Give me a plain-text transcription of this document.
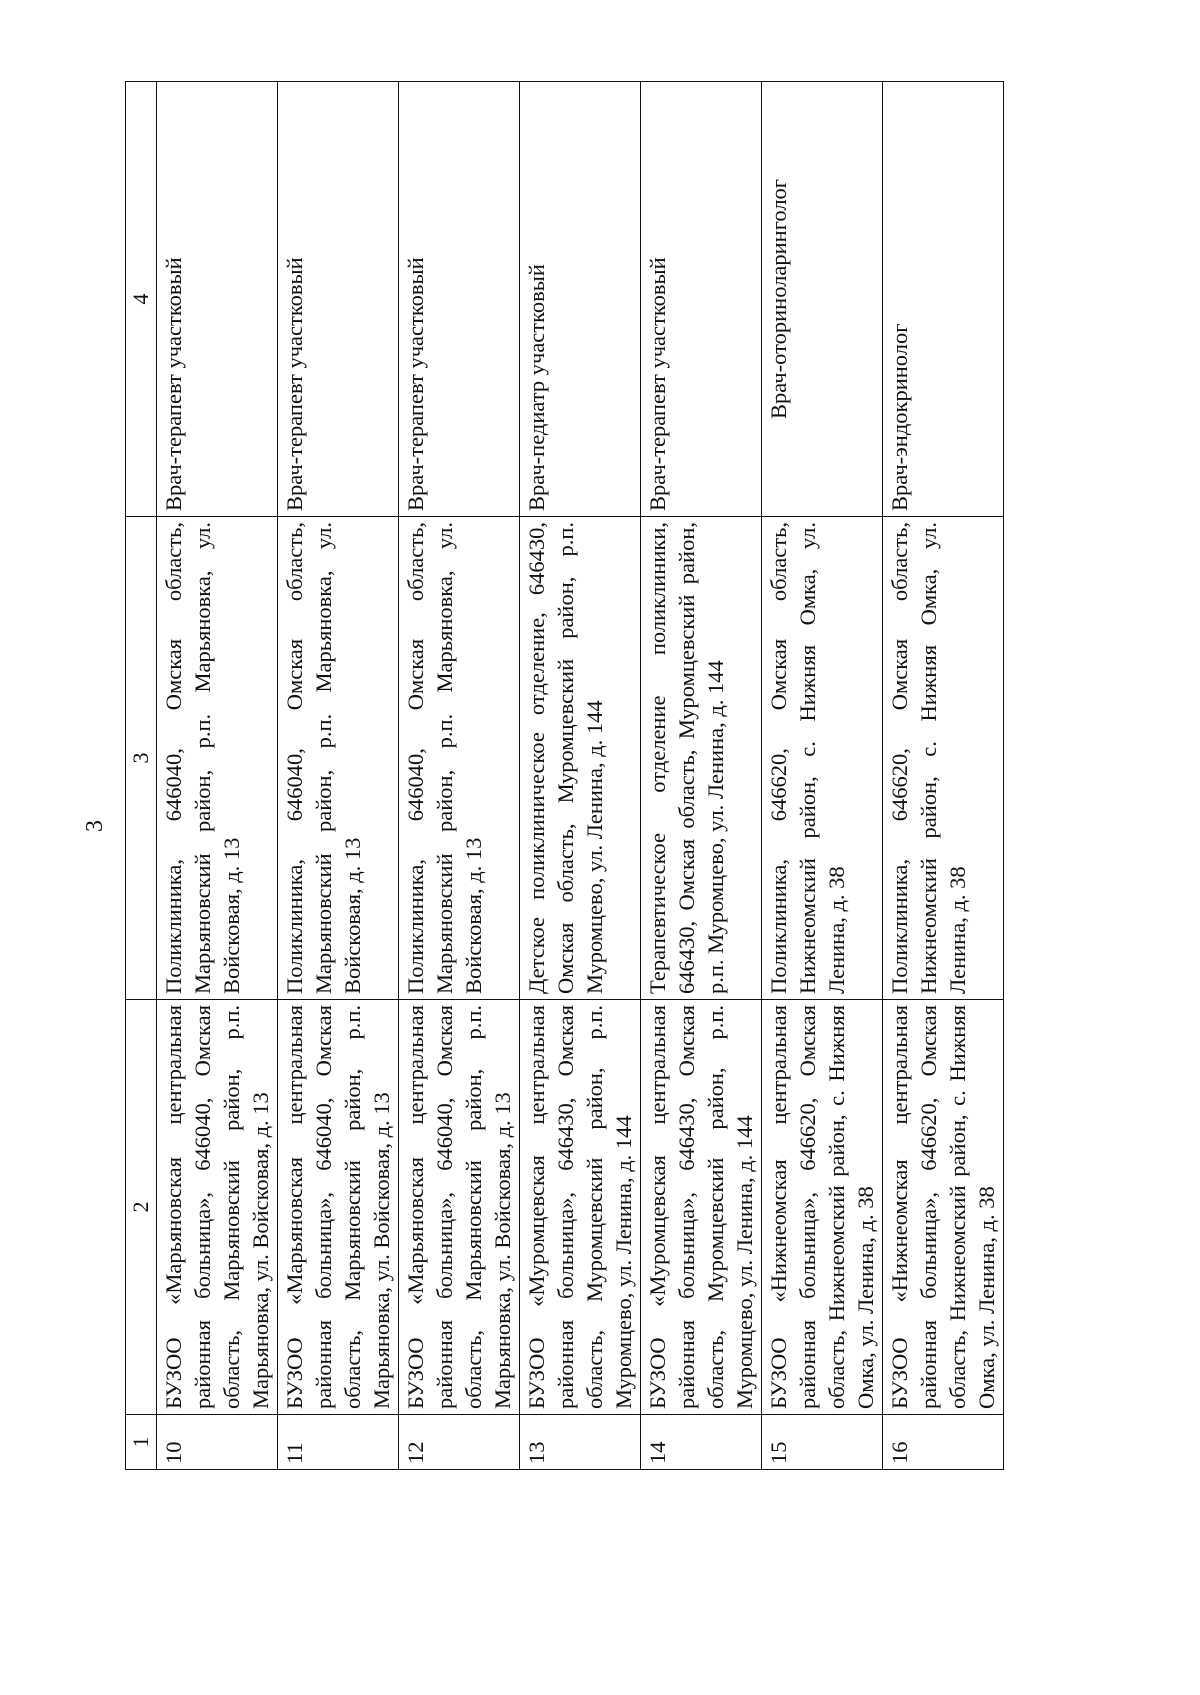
3
1	2	3	4
10	БУЗОО «Марьяновская центральная районная больница», 646040, Омская область, Марьяновский район, р.п. Марьяновка, ул. Войсковая, д. 13	Поликлиника, 646040, Омская область, Марьяновский район, р.п. Марьяновка, ул. Войсковая, д. 13	Врач-терапевт участковый
11	БУЗОО «Марьяновская центральная районная больница», 646040, Омская область, Марьяновский район, р.п. Марьяновка, ул. Войсковая, д. 13	Поликлиника, 646040, Омская область, Марьяновский район, р.п. Марьяновка, ул. Войсковая, д. 13	Врач-терапевт участковый
12	БУЗОО «Марьяновская центральная районная больница», 646040, Омская область, Марьяновский район, р.п. Марьяновка, ул. Войсковая, д. 13	Поликлиника, 646040, Омская область, Марьяновский район, р.п. Марьяновка, ул. Войсковая, д. 13	Врач-терапевт участковый
13	БУЗОО «Муромцевская центральная районная больница», 646430, Омская область, Муромцевский район, р.п. Муромцево, ул. Ленина, д. 144	Детское поликлиническое отделение, 646430, Омская область, Муромцевский район, р.п. Муромцево, ул. Ленина, д. 144	Врач-педиатр участковый
14	БУЗОО «Муромцевская центральная районная больница», 646430, Омская область, Муромцевский район, р.п. Муромцево, ул. Ленина, д. 144	Терапевтическое отделение поликлиники, 646430, Омская область, Муромцевский район, р.п. Муромцево, ул. Ленина, д. 144	Врач-терапевт участковый
15	БУЗОО «Нижнеомская центральная районная больница», 646620, Омская область, Нижнеомский район, с. Нижняя Омка, ул. Ленина, д. 38	Поликлиника, 646620, Омская область, Нижнеомский район, с. Нижняя Омка, ул. Ленина, д. 38	Врач-оториноларинголог
16	БУЗОО «Нижнеомская центральная районная больница», 646620, Омская область, Нижнеомский район, с. Нижняя Омка, ул. Ленина, д. 38	Поликлиника, 646620, Омская область, Нижнеомский район, с. Нижняя Омка, ул. Ленина, д. 38	Врач-эндокринолог
